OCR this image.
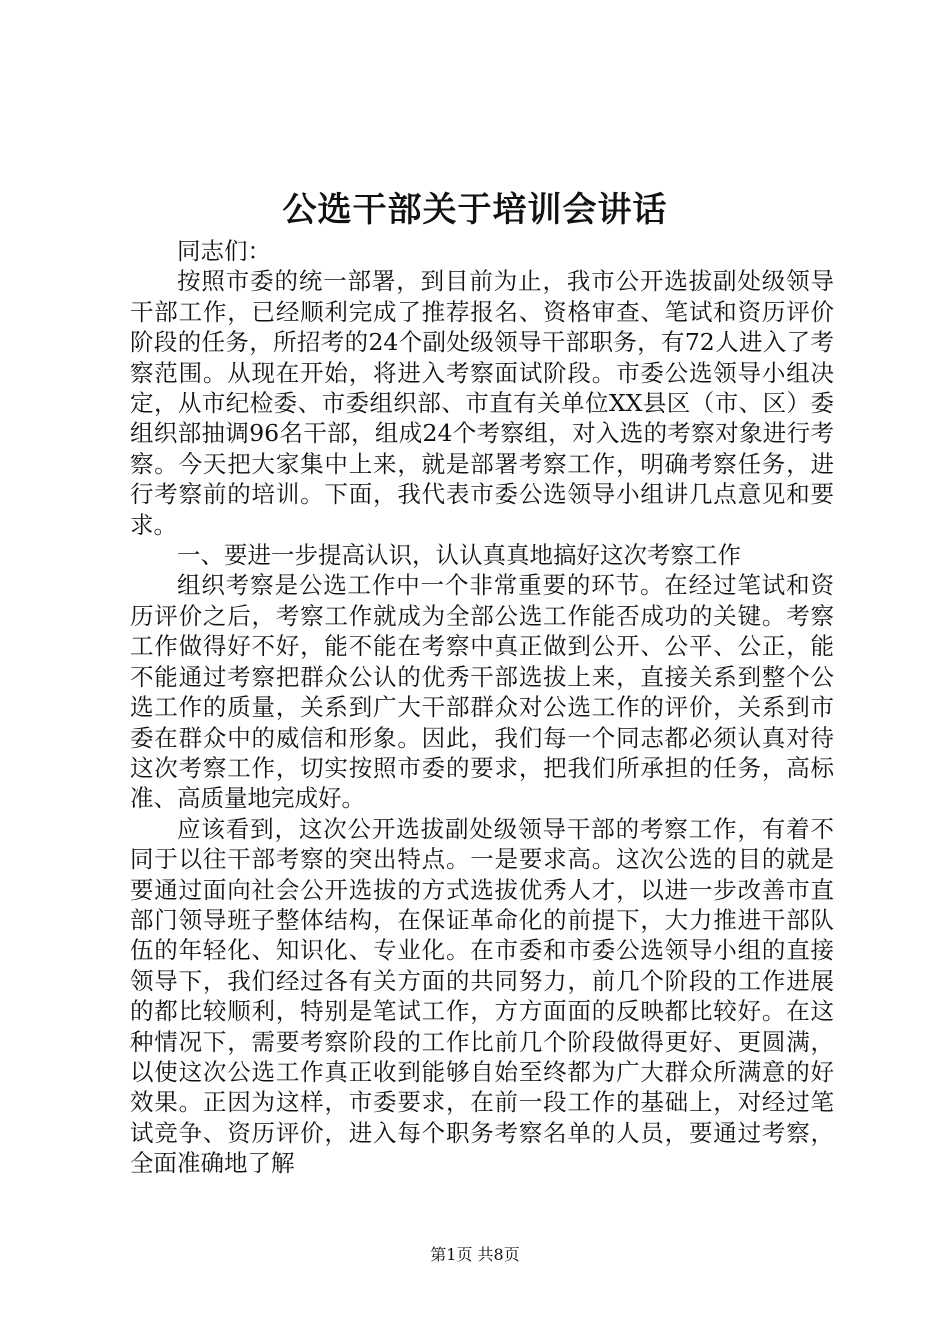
公选干部关于培训会讲话

同志们：

按照市委的统一部署，到目前为止，我市公开选拔副处级领导干部工作，已经顺利完成了推荐报名、资格审查、笔试和资历评价阶段的任务，所招考的24个副处级领导干部职务，有72人进入了考察范围。从现在开始，将进入考察面试阶段。市委公选领导小组决定，从市纪检委、市委组织部、市直有关单位XX县区（市、区）委组织部抽调96名干部，组成24个考察组，对入选的考察对象进行考察。今天把大家集中上来，就是部署考察工作，明确考察任务，进行考察前的培训。下面，我代表市委公选领导小组讲几点意见和要求。

一、要进一步提高认识，认认真真地搞好这次考察工作

组织考察是公选工作中一个非常重要的环节。在经过笔试和资历评价之后，考察工作就成为全部公选工作能否成功的关键。考察工作做得好不好，能不能在考察中真正做到公开、公平、公正，能不能通过考察把群众公认的优秀干部选拔上来，直接关系到整个公选工作的质量，关系到广大干部群众对公选工作的评价，关系到市委在群众中的威信和形象。因此，我们每一个同志都必须认真对待这次考察工作，切实按照市委的要求，把我们所承担的任务，高标准、高质量地完成好。

应该看到，这次公开选拔副处级领导干部的考察工作，有着不同于以往干部考察的突出特点。一是要求高。这次公选的目的就是要通过面向社会公开选拔的方式选拔优秀人才，以进一步改善市直部门领导班子整体结构，在保证革命化的前提下，大力推进干部队伍的年轻化、知识化、专业化。在市委和市委公选领导小组的直接领导下，我们经过各有关方面的共同努力，前几个阶段的工作进展的都比较顺利，特别是笔试工作，方方面面的反映都比较好。在这种情况下，需要考察阶段的工作比前几个阶段做得更好、更圆满，以使这次公选工作真正收到能够自始至终都为广大群众所满意的好效果。正因为这样，市委要求，在前一段工作的基础上，对经过笔试竞争、资历评价，进入每个职务考察名单的人员，要通过考察，全面准确地了解

第1页 共8页
